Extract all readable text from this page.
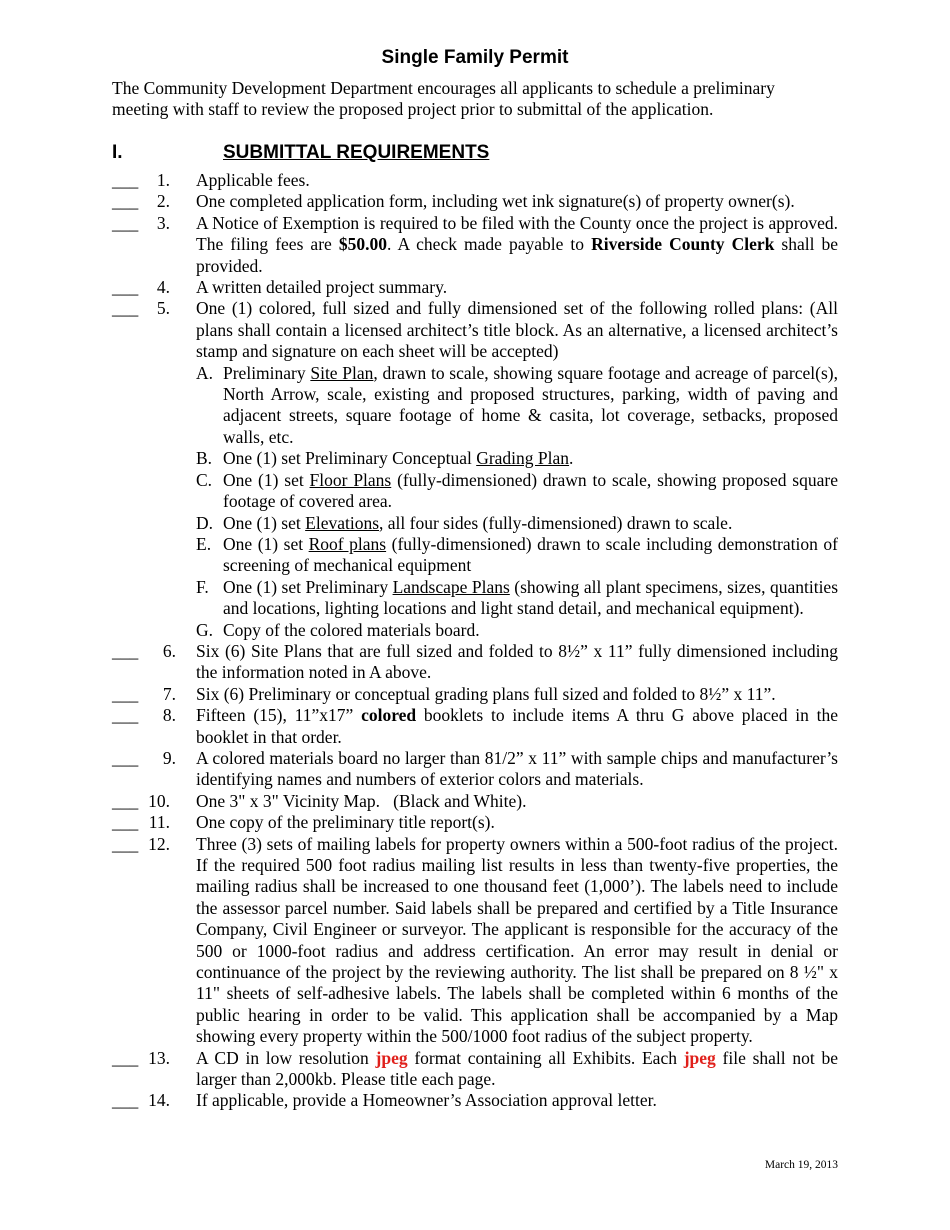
Single Family Permit
The Community Development Department encourages all applicants to schedule a preliminary meeting with staff to review the proposed project prior to submittal of the application.
I.	SUBMITTAL REQUIREMENTS
___	1. Applicable fees.
___	2. One completed application form, including wet ink signature(s) of property owner(s).
___	3. A Notice of Exemption is required to be filed with the County once the project is approved. The filing fees are $50.00. A check made payable to Riverside County Clerk shall be provided.
___	4. A written detailed project summary.
___	5. One (1) colored, full sized and fully dimensioned set of the following rolled plans: (All plans shall contain a licensed architect’s title block. As an alternative, a licensed architect’s stamp and signature on each sheet will be accepted)
A. Preliminary Site Plan, drawn to scale, showing square footage and acreage of parcel(s), North Arrow, scale, existing and proposed structures, parking, width of paving and adjacent streets, square footage of home & casita, lot coverage, setbacks, proposed walls, etc.
B. One (1) set Preliminary Conceptual Grading Plan.
C. One (1) set Floor Plans (fully-dimensioned) drawn to scale, showing proposed square footage of covered area.
D. One (1) set Elevations, all four sides (fully-dimensioned) drawn to scale.
E. One (1) set Roof plans (fully-dimensioned) drawn to scale including demonstration of screening of mechanical equipment
F. One (1) set Preliminary Landscape Plans (showing all plant specimens, sizes, quantities and locations, lighting locations and light stand detail, and mechanical equipment).
G. Copy of the colored materials board.
___	6. Six (6) Site Plans that are full sized and folded to 8½” x 11” fully dimensioned including the information noted in A above.
___	7. Six (6) Preliminary or conceptual grading plans full sized and folded to 8½” x 11”.
___	8. Fifteen (15), 11”x17” colored booklets to include items A thru G above placed in the booklet in that order.
___	9. A colored materials board no larger than 81/2” x 11” with sample chips and manufacturer’s identifying names and numbers of exterior colors and materials.
___ 10. One 3" x 3" Vicinity Map.   (Black and White).
___ 11. One copy of the preliminary title report(s).
___ 12. Three (3) sets of mailing labels for property owners within a 500-foot radius of the project. If the required 500 foot radius mailing list results in less than twenty-five properties, the mailing radius shall be increased to one thousand feet (1,000’). The labels need to include the assessor parcel number. Said labels shall be prepared and certified by a Title Insurance Company, Civil Engineer or surveyor. The applicant is responsible for the accuracy of the 500 or 1000-foot radius and address certification. An error may result in denial or continuance of the project by the reviewing authority. The list shall be prepared on 8 ½" x 11" sheets of self-adhesive labels. The labels shall be completed within 6 months of the public hearing in order to be valid. This application shall be accompanied by a Map showing every property within the 500/1000 foot radius of the subject property.
___ 13. A CD in low resolution jpeg format containing all Exhibits. Each jpeg file shall not be larger than 2,000kb. Please title each page.
___ 14. If applicable, provide a Homeowner’s Association approval letter.
March 19, 2013
